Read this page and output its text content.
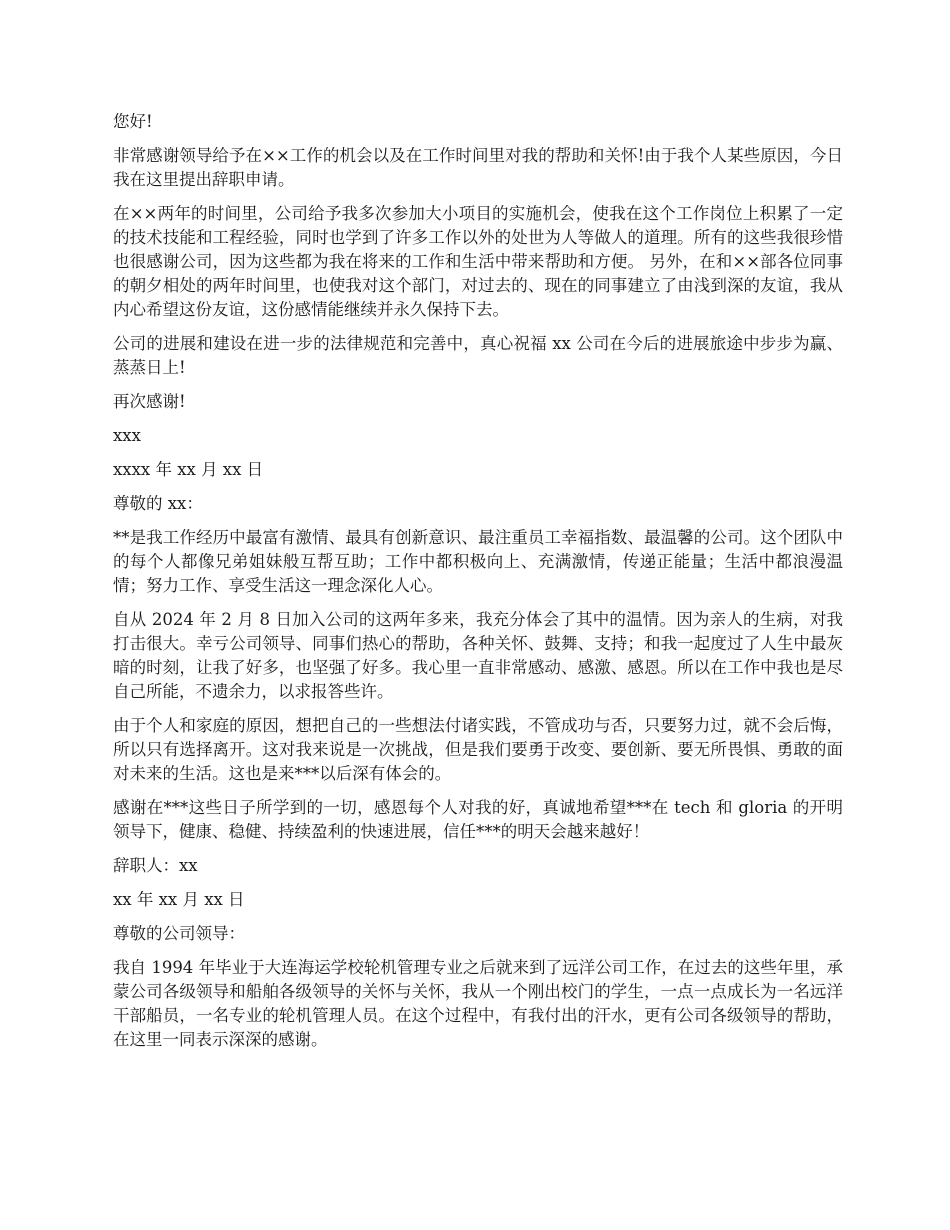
您好!

非常感谢领导给予在××工作的机会以及在工作时间里对我的帮助和关怀!由于我个人某些原因，今日我在这里提出辞职申请。

在××两年的时间里，公司给予我多次参加大小项目的实施机会，使我在这个工作岗位上积累了一定的技术技能和工程经验，同时也学到了许多工作以外的处世为人等做人的道理。所有的这些我很珍惜也很感谢公司，因为这些都为我在将来的工作和生活中带来帮助和方便。 另外，在和××部各位同事的朝夕相处的两年时间里，也使我对这个部门，对过去的、现在的同事建立了由浅到深的友谊，我从内心希望这份友谊，这份感情能继续并永久保持下去。

公司的进展和建设在进一步的法律规范和完善中，真心祝福 xx 公司在今后的进展旅途中步步为赢、蒸蒸日上!

再次感谢!

xxx

xxxx 年 xx 月 xx 日

尊敬的 xx：

**是我工作经历中最富有激情、最具有创新意识、最注重员工幸福指数、最温馨的公司。这个团队中的每个人都像兄弟姐妹般互帮互助；工作中都积极向上、充满激情，传递正能量；生活中都浪漫温情；努力工作、享受生活这一理念深化人心。

自从 2024 年 2 月 8 日加入公司的这两年多来，我充分体会了其中的温情。因为亲人的生病，对我打击很大。幸亏公司领导、同事们热心的帮助，各种关怀、鼓舞、支持；和我一起度过了人生中最灰暗的时刻，让我了好多，也坚强了好多。我心里一直非常感动、感激、感恩。所以在工作中我也是尽自己所能，不遗余力，以求报答些许。

由于个人和家庭的原因，想把自己的一些想法付诸实践，不管成功与否，只要努力过，就不会后悔，所以只有选择离开。这对我来说是一次挑战，但是我们要勇于改变、要创新、要无所畏惧、勇敢的面对未来的生活。这也是来***以后深有体会的。

感谢在***这些日子所学到的一切，感恩每个人对我的好，真诚地希望***在 tech 和 gloria 的开明领导下，健康、稳健、持续盈利的快速进展，信任***的明天会越来越好！

辞职人：xx

xx 年 xx 月 xx 日

尊敬的公司领导：

我自 1994 年毕业于大连海运学校轮机管理专业之后就来到了远洋公司工作，在过去的这些年里，承蒙公司各级领导和船舶各级领导的关怀与关怀，我从一个刚出校门的学生，一点一点成长为一名远洋干部船员，一名专业的轮机管理人员。在这个过程中，有我付出的汗水，更有公司各级领导的帮助，在这里一同表示深深的感谢。
